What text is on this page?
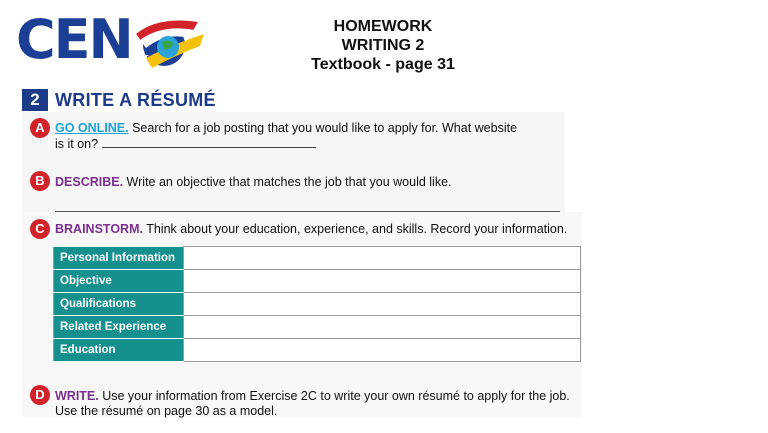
CEN	HOMEWORK
WRITING 2
Textbook - page 31
2 WRITE A RÉSUMÉ
A GO ONLINE. Search for a job posting that you would like to apply for. What website
is it on?
B DESCRIBE. Write an objective that matches the job that you would like.
C BRAINSTORM. Think about your education, experience, and skills. Record your information.
Personal Information	
Objective	
Qualifications	
Related Experience	
Education	
D WRITE. Use your information from Exercise 2C to write your own résumé to apply for the job.
Use the résumé on page 30 as a model.
